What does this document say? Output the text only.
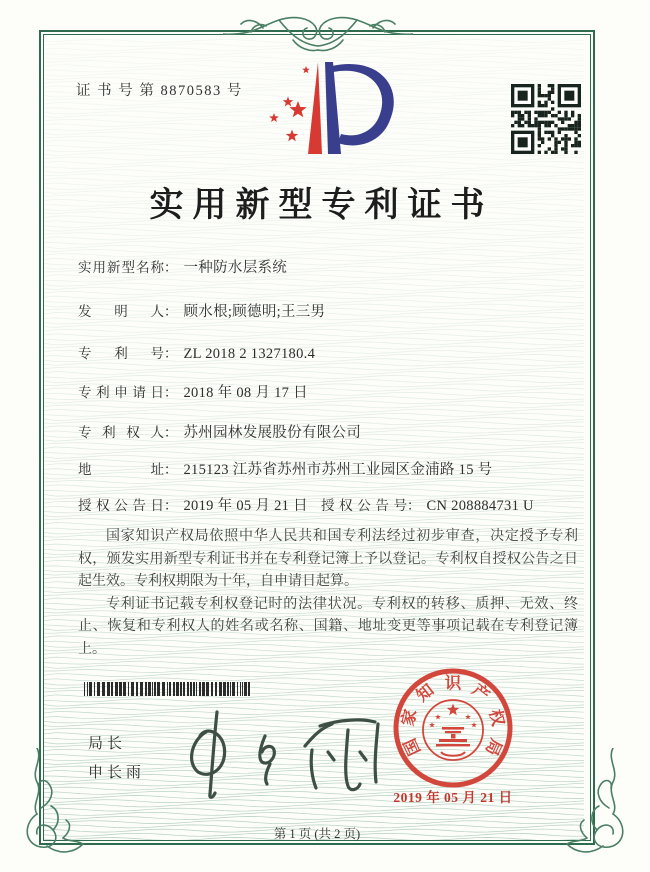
证 书 号 第 8870583 号
实用新型专利证书
实用新型名称： 一种防水层系统
发明人： 顾水根;顾德明;王三男
专利号： ZL 2018 2 1327180.4
专利申请日： 2018 年 08 月 17 日
专利权人： 苏州园林发展股份有限公司
地址： 215123 江苏省苏州市苏州工业园区金浦路 15 号
授权公告日： 2019 年 05 月 21 日 授权公告号： CN 208884731 U

国家知识产权局依照中华人民共和国专利法经过初步审查，决定授予专利权，颁发实用新型专利证书并在专利登记簿上予以登记。专利权自授权公告之日起生效。专利权期限为十年，自申请日起算。

专利证书记载专利权登记时的法律状况。专利权的转移、质押、无效、终止、恢复和专利权人的姓名或名称、国籍、地址变更等事项记载在专利登记簿上。

局长
申长雨
国
家
知 识 产
权
局
2019 年 05 月 21 日
第 1 页 (共 2 页)
